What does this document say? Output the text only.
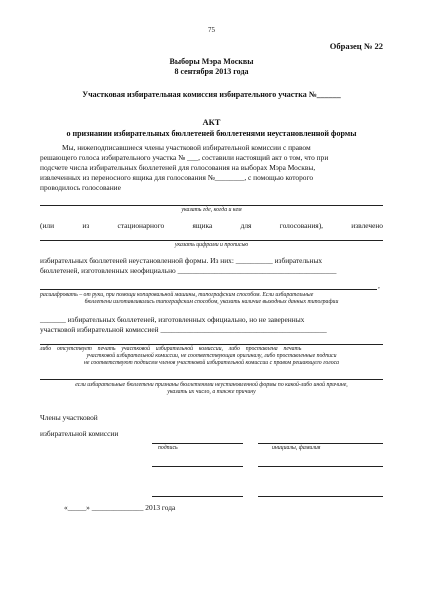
75
Образец № 22
Выборы Мэра Москвы
8 сентября 2013 года
Участковая избирательная комиссия избирательного участка №______
АКТ
о признании избирательных бюллетеней бюллетенями неустановленной формы
Мы, нижеподписавшиеся члены участковой избирательной комиссии с правом
решающего голоса избирательного участка № ___, составили настоящий акт о том, что при
подсчете числа избирательных бюллетеней для голосования на выборах Мэра Москвы,
извлеченных из переносного ящика для голосования №________, с помощью которого
проводилось голосование
указать где, когда и кем
(или	из	стационарного	ящика	для	голосования),	извлечено
указать цифрами и прописью
избирательных бюллетеней неустановленной формы. Из них: __________ избирательных
бюллетеней, изготовленных неофициально ___________________________________________
,
расшифровать – от руки, при помощи копировальной машины, типографским способом. Если избирательные
бюллетени изготавливались типографским способом, указать наличие выходных данных типографии
_______ избирательных бюллетеней, изготовленных официально, но не заверенных
участковой избирательной комиссией _____________________________________________
либо    отсутствует    печать    участковой    избирательной    комиссии,    либо    проставлена    печать
участковой избирательной комиссии, не соответствующая оригиналу, либо проставленные подписи
не соответствуют подписям членов участковой избирательной комиссии с правом решающего голоса
если избирательные бюллетени признаны бюллетенями неустановленной формы по какой-либо иной причине,
указать их число, а также причину
Члены участковой
избирательной комиссии
подпись	инициалы, фамилия
«_____» ______________ 2013 года
